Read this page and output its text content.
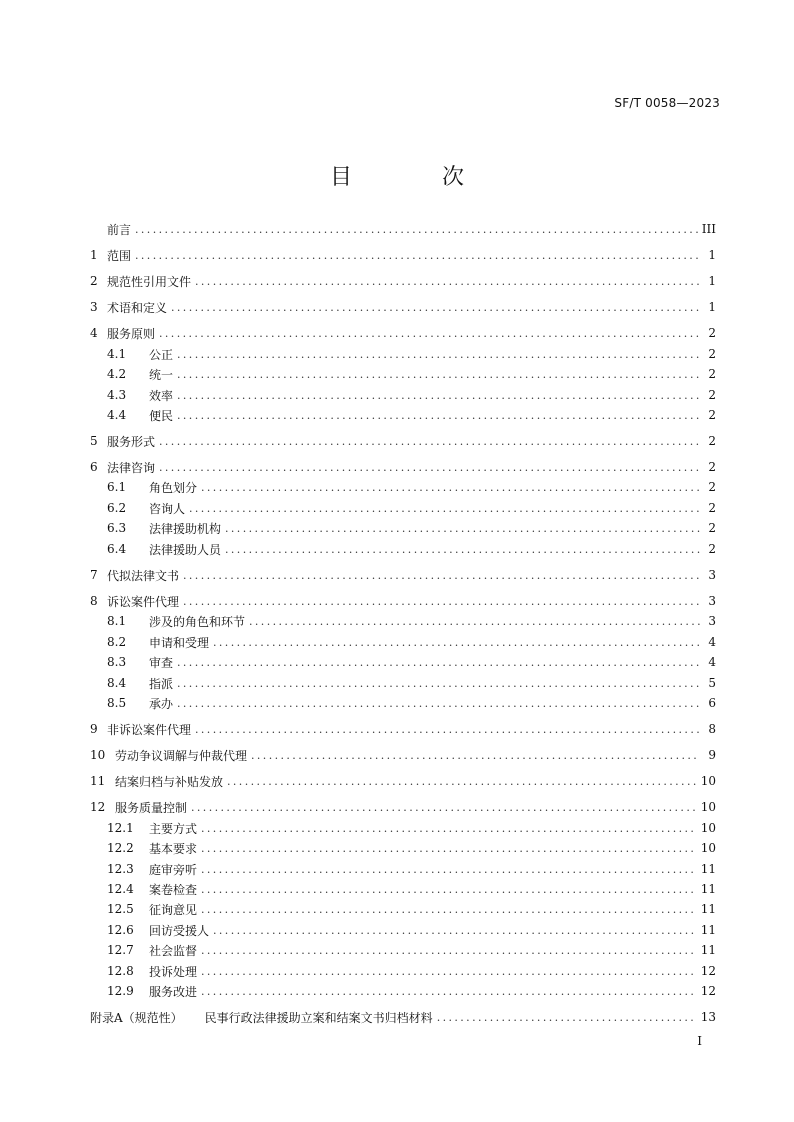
SF/T 0058—2023
目　次
前言 .....	III
1 范围 .....	1
2 规范性引用文件 .....	1
3 术语和定义 .....	1
4 服务原则 .....	2
4.1	公正 .....	2
4.2	统一 .....	2
4.3	效率 .....	2
4.4	便民 .....	2
5 服务形式 .....	2
6 法律咨询 .....	2
6.1	角色划分 .....	2
6.2	咨询人 .....	2
6.3	法律援助机构 .....	2
6.4	法律援助人员 .....	2
7 代拟法律文书 .....	3
8 诉讼案件代理 .....	3
8.1	涉及的角色和环节 .....	3
8.2	申请和受理 .....	4
8.3	审查 .....	4
8.4	指派 .....	5
8.5	承办 .....	6
9 非诉讼案件代理 .....	8
10 劳动争议调解与仲裁代理 .....	9
11 结案归档与补贴发放 .....	10
12 服务质量控制 .....	10
12.1	主要方式 .....	10
12.2	基本要求 .....	10
12.3	庭审旁听 .....	11
12.4	案卷检查 .....	11
12.5	征询意见 .....	11
12.6	回访受援人 .....	11
12.7	社会监督 .....	11
12.8	投诉处理 .....	12
12.9	服务改进 .....	12
附录A（规范性） 民事行政法律援助立案和结案文书归档材料 .....	13
I
